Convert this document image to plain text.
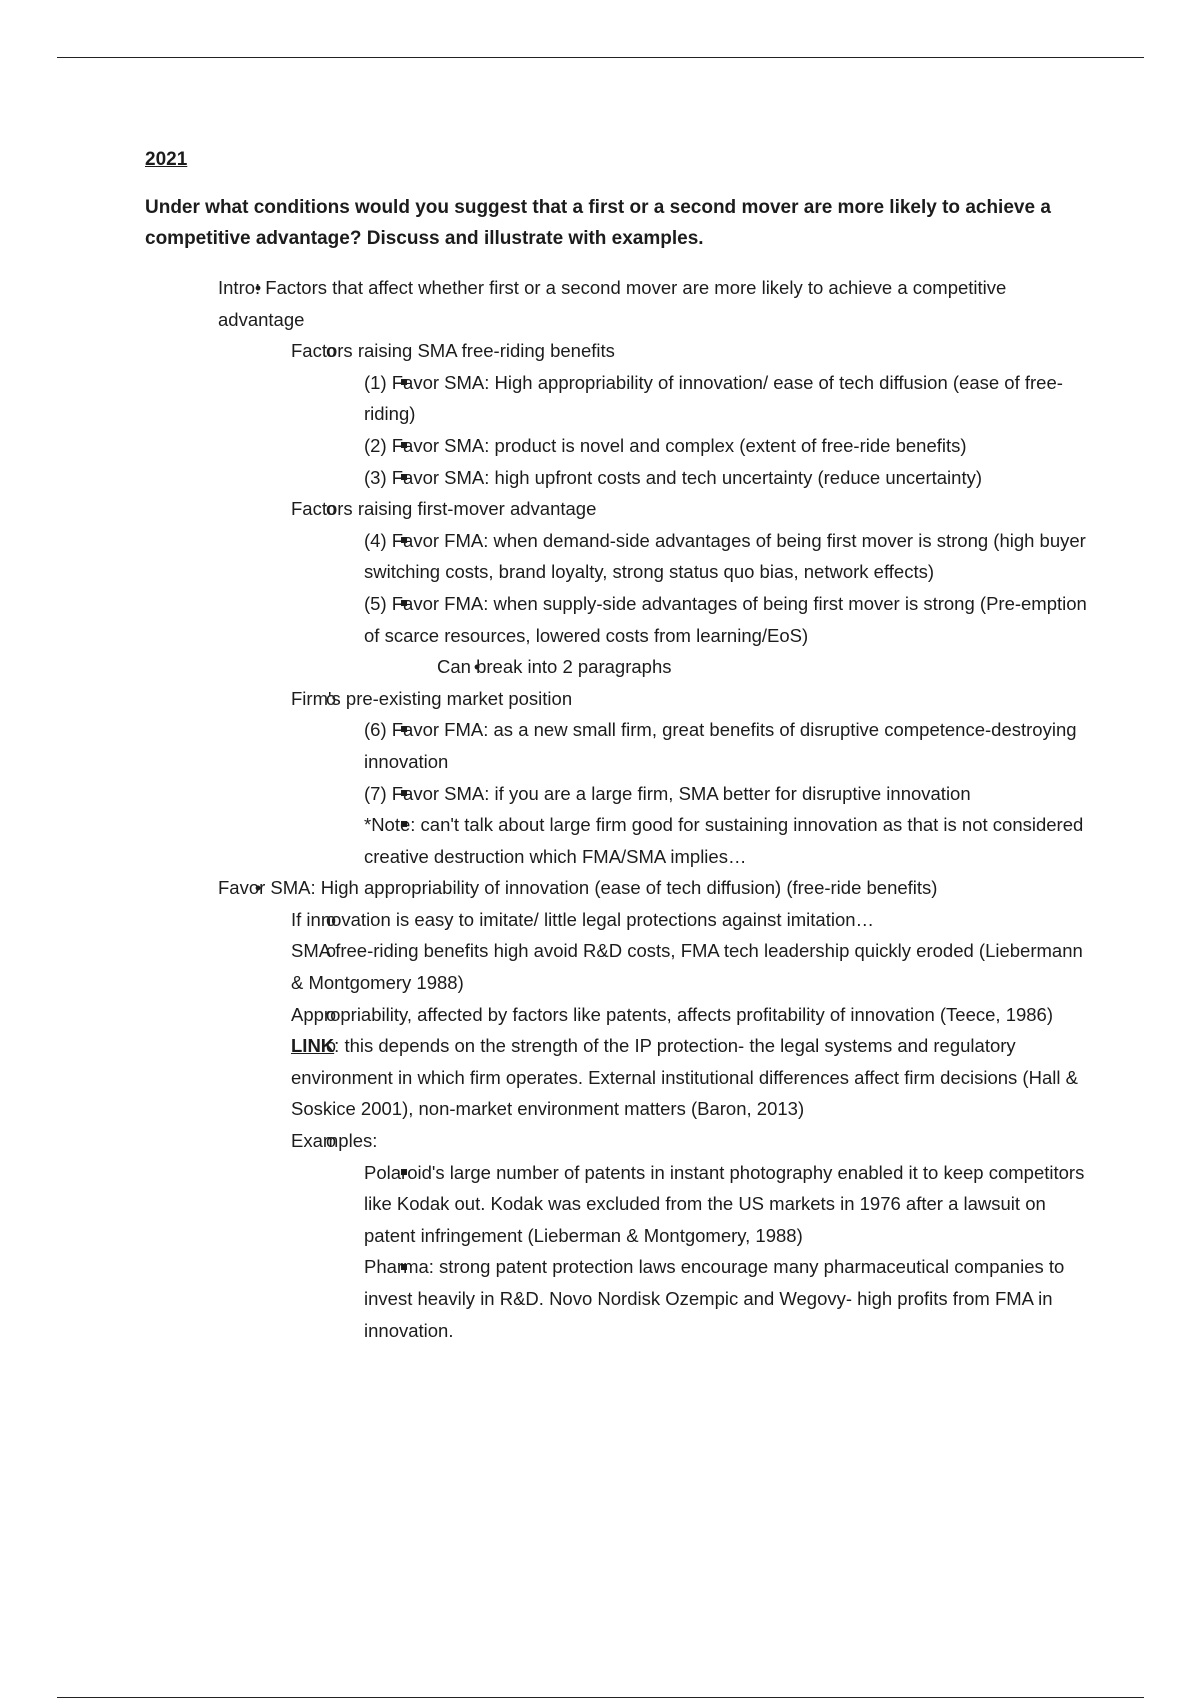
2021
Under what conditions would you suggest that a first or a second mover are more likely to achieve a competitive advantage? Discuss and illustrate with examples.
•
Intro: Factors that affect whether first or a second mover are more likely to achieve a competitive advantage
o
Factors raising SMA free-riding benefits
(1) Favor SMA: High appropriability of innovation/ ease of tech diffusion (ease of free-riding)
(2) Favor SMA: product is novel and complex (extent of free-ride benefits)
(3) Favor SMA: high upfront costs and tech uncertainty (reduce uncertainty)
o
Factors raising first-mover advantage
(4) Favor FMA: when demand-side advantages of being first mover is strong (high buyer switching costs, brand loyalty, strong status quo bias, network effects)
(5) Favor FMA: when supply-side advantages of being first mover is strong (Pre-emption of scarce resources, lowered costs from learning/EoS)
•
Can break into 2 paragraphs
o
Firm's pre-existing market position
(6) Favor FMA: as a new small firm, great benefits of disruptive competence-destroying innovation
(7) Favor SMA: if you are a large firm, SMA better for disruptive innovation
*Note: can't talk about large firm good for sustaining innovation as that is not considered creative destruction which FMA/SMA implies…
•
Favor SMA: High appropriability of innovation (ease of tech diffusion) (free-ride benefits)
o
If innovation is easy to imitate/ little legal protections against imitation…
o
SMA free-riding benefits high avoid R&D costs, FMA tech leadership quickly eroded (Liebermann & Montgomery 1988)
o
Appropriability, affected by factors like patents, affects profitability of innovation (Teece, 1986)
o
LINK: this depends on the strength of the IP protection- the legal systems and regulatory environment in which firm operates. External institutional differences affect firm decisions (Hall & Soskice 2001), non-market environment matters (Baron, 2013)
o
Examples:
Polaroid's large number of patents in instant photography enabled it to keep competitors like Kodak out. Kodak was excluded from the US markets in 1976 after a lawsuit on patent infringement (Lieberman & Montgomery, 1988)
Pharma: strong patent protection laws encourage many pharmaceutical companies to invest heavily in R&D. Novo Nordisk Ozempic and Wegovy- high profits from FMA in innovation.
